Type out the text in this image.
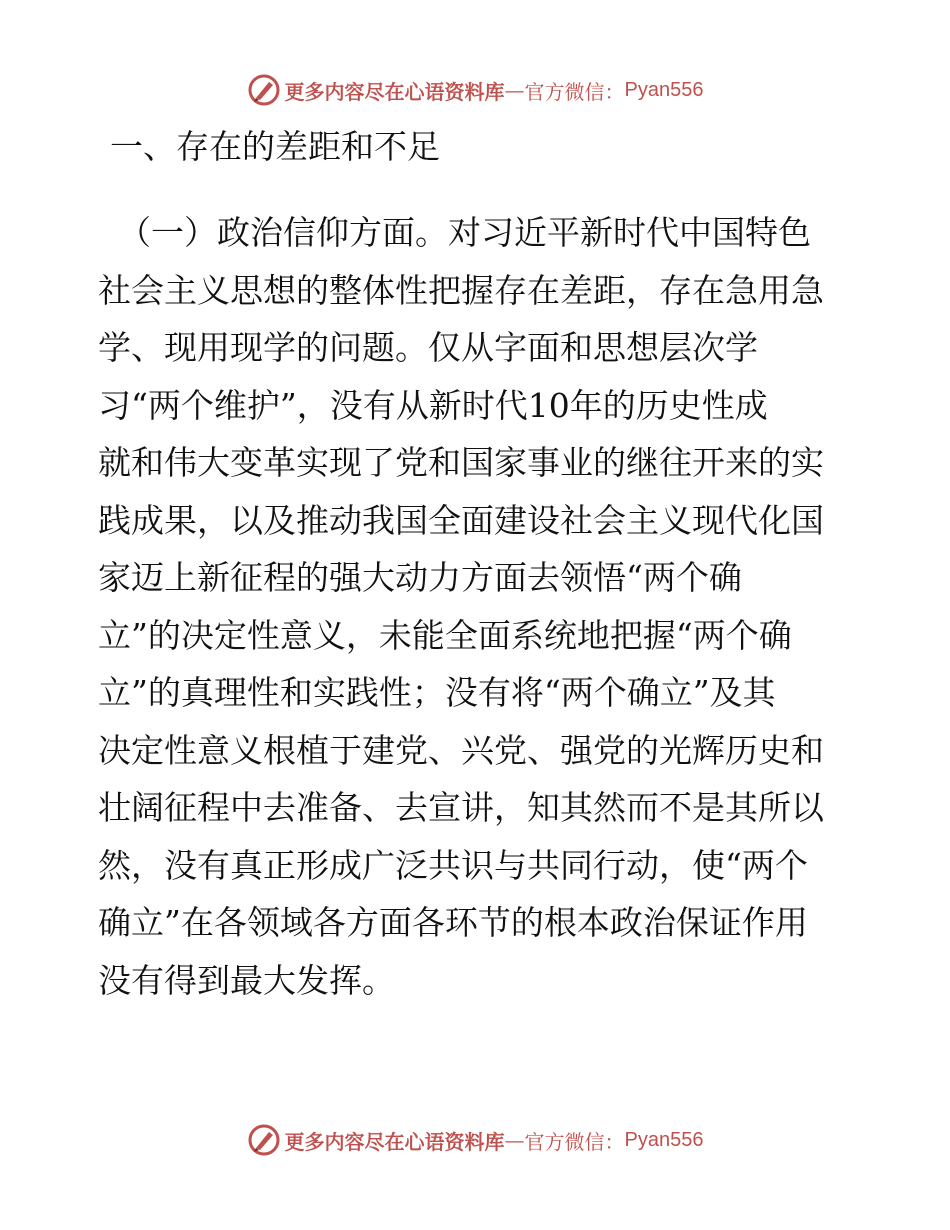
更多内容尽在心语资料库 — 官方微信： Pyan556
一、存在的差距和不足
（一）政治信仰方面。对习近平新时代中国特色
社会主义思想的整体性把握存在差距，存在急用急
学、现用现学的问题。仅从字面和思想层次学
习“两个维护”，没有从新时代10年的历史性成
就和伟大变革实现了党和国家事业的继往开来的实
践成果，以及推动我国全面建设社会主义现代化国
家迈上新征程的强大动力方面去领悟“两个确
立”的决定性意义，未能全面系统地把握“两个确
立”的真理性和实践性；没有将“两个确立”及其
决定性意义根植于建党、兴党、强党的光辉历史和
壮阔征程中去准备、去宣讲，知其然而不是其所以
然，没有真正形成广泛共识与共同行动，使“两个
确立”在各领域各方面各环节的根本政治保证作用
没有得到最大发挥。
更多内容尽在心语资料库 — 官方微信： Pyan556
